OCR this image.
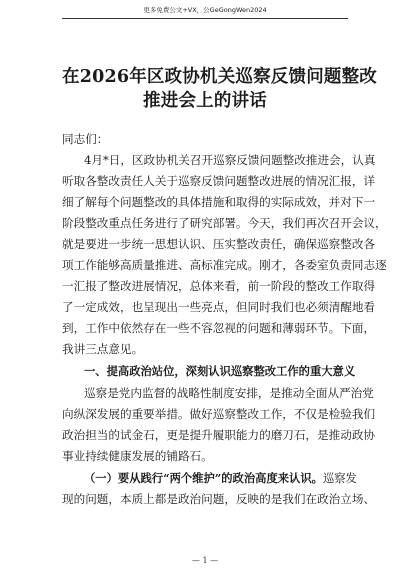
更多免费公文+VX，公GeGongWen2024
在2026年区政协机关巡察反馈问题整改
推进会上的讲话
同志们：
4月*日，区政协机关召开巡察反馈问题整改推进会，认真
听取各整改责任人关于巡察反馈问题整改进展的情况汇报，详
细了解每个问题整改的具体措施和取得的实际成效，并对下一
阶段整改重点任务进行了研究部署。今天，我们再次召开会议，
就是要进一步统一思想认识、压实整改责任，确保巡察整改各
项工作能够高质量推进、高标准完成。刚才，各委室负责同志逐
一汇报了整改进展情况，总体来看，前一阶段的整改工作取得
了一定成效，也呈现出一些亮点，但同时我们也必须清醒地看
到，工作中依然存在一些不容忽视的问题和薄弱环节。下面，
我讲三点意见。
一、提高政治站位，深刻认识巡察整改工作的重大意义
巡察是党内监督的战略性制度安排，是推动全面从严治党
向纵深发展的重要举措。做好巡察整改工作，不仅是检验我们
政治担当的试金石，更是提升履职能力的磨刀石，是推动政协
事业持续健康发展的铺路石。
（一）要从践行“两个维护”的政治高度来认识。巡察发
现的问题，本质上都是政治问题，反映的是我们在政治立场、
— 1 —
